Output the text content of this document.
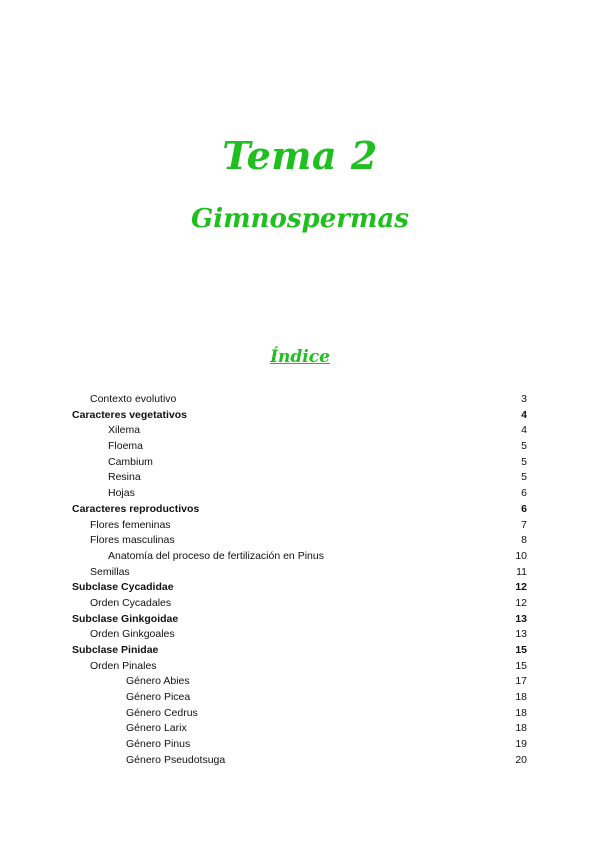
Tema 2
Gimnospermas
Índice
Contexto evolutivo	3
Caracteres vegetativos	4
Xilema	4
Floema	5
Cambium	5
Resina	5
Hojas	6
Caracteres reproductivos	6
Flores femeninas	7
Flores masculinas	8
Anatomía del proceso de fertilización en Pinus	10
Semillas	11
Subclase Cycadidae	12
Orden Cycadales	12
Subclase Ginkgoidae	13
Orden Ginkgoales	13
Subclase Pinidae	15
Orden Pinales	15
Género Abies	17
Género Picea	18
Género Cedrus	18
Género Larix	18
Género Pinus	19
Género Pseudotsuga	20
